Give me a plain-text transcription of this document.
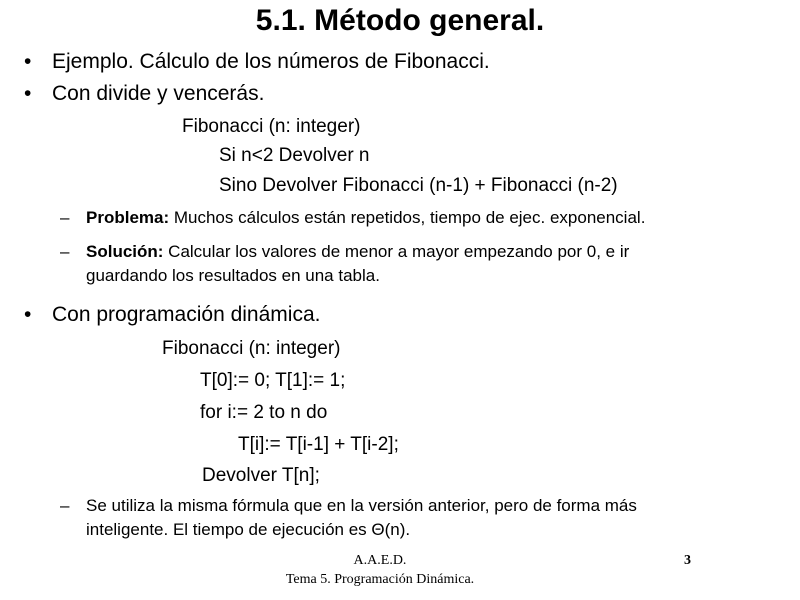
5.1. Método general.
• Ejemplo. Cálculo de los números de Fibonacci.
• Con divide y vencerás.
Fibonacci (n: integer)
Si n<2 Devolver n
Sino Devolver Fibonacci (n-1) + Fibonacci (n-2)
– Problema: Muchos cálculos están repetidos, tiempo de ejec. exponencial.
– Solución: Calcular los valores de menor a mayor empezando por 0, e ir
guardando los resultados en una tabla.
• Con programación dinámica.
Fibonacci (n: integer)
T[0]:= 0; T[1]:= 1;
for i:= 2 to n do
T[i]:= T[i-1] + T[i-2];
Devolver T[n];
– Se utiliza la misma fórmula que en la versión anterior, pero de forma más
inteligente. El tiempo de ejecución es Θ(n).
A.A.E.D.
Tema 5. Programación Dinámica.
3
